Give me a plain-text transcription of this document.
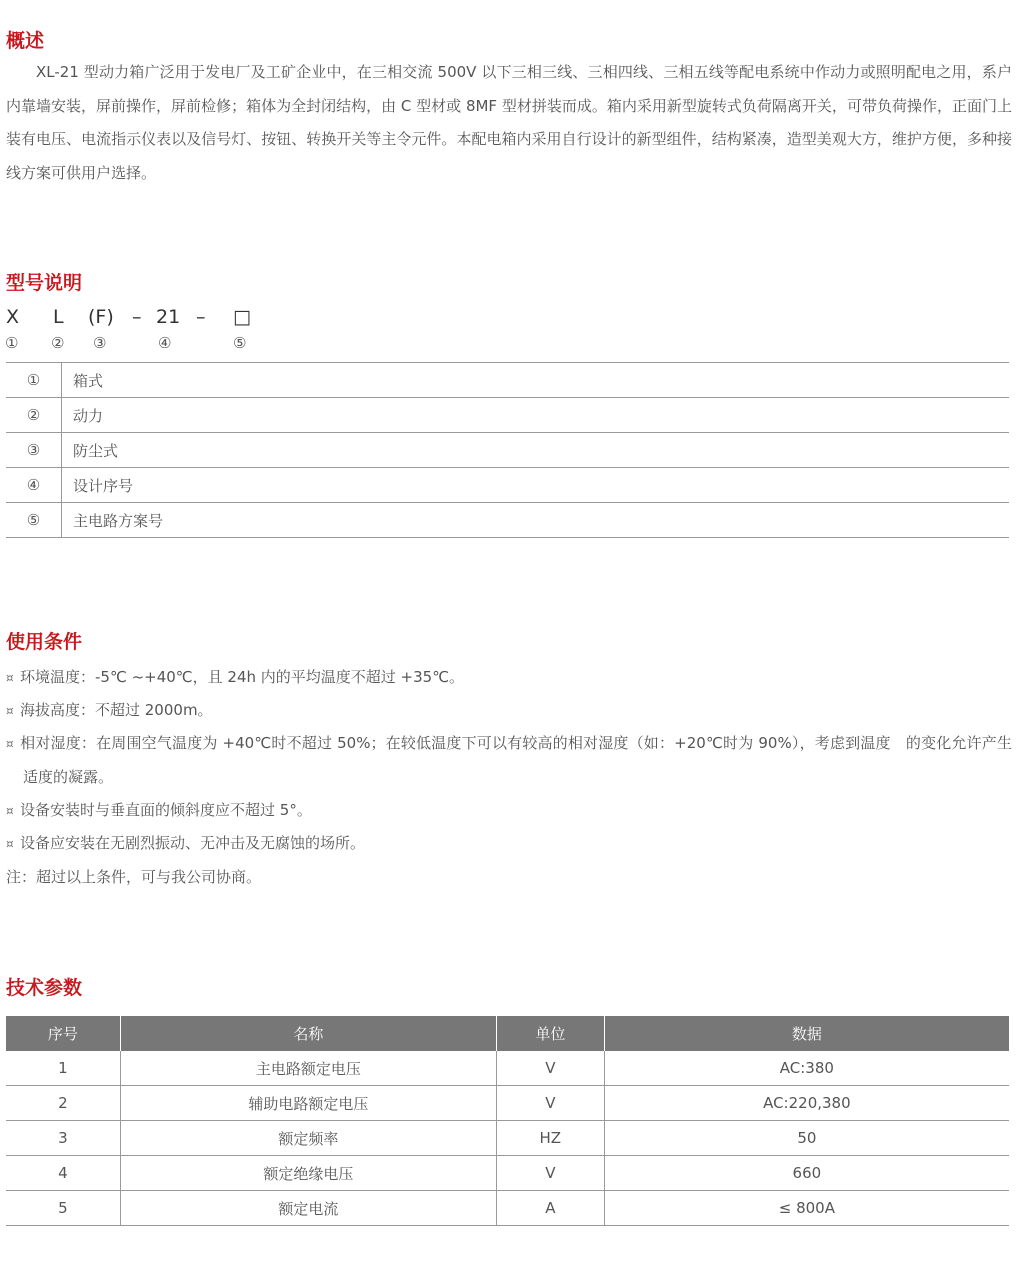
概述

XL-21 型动力箱广泛用于发电厂及工矿企业中，在三相交流 500V 以下三相三线、三相四线、三相五线等配电系统中作动力或照明配电之用，系户内靠墙安装，屏前操作，屏前检修；箱体为全封闭结构，由 C 型材或 8MF 型材拼装而成。箱内采用新型旋转式负荷隔离开关，可带负荷操作，正面门上装有电压、电流指示仪表以及信号灯、按钮、转换开关等主令元件。本配电箱内采用自行设计的新型组件，结构紧凑，造型美观大方，维护方便，多种接线方案可供用户选择。

型号说明
X L (F) – 21 – □
① ② ③	④	⑤
①	箱式
②	动力
③	防尘式
④	设计序号
⑤	主电路方案号
使用条件

¤ 环境温度：-5℃ ~+40℃，且 24h 内的平均温度不超过 +35℃。

¤ 海拔高度：不超过 2000m。

¤ 相对湿度：在周围空气温度为 +40℃时不超过 50%；在较低温度下可以有较高的相对湿度（如：+20℃时为 90%），考虑到温度　的变化允许产生适度的凝露。

¤ 设备安装时与垂直面的倾斜度应不超过 5°。

¤ 设备应安装在无剧烈振动、无冲击及无腐蚀的场所。

注：超过以上条件，可与我公司协商。

技术参数
序号	名称	单位	数据
1	主电路额定电压	V	AC:380
2	辅助电路额定电压	V	AC:220,380
3	额定频率	HZ	50
4	额定绝缘电压	V	660
5	额定电流	A	≤ 800A
